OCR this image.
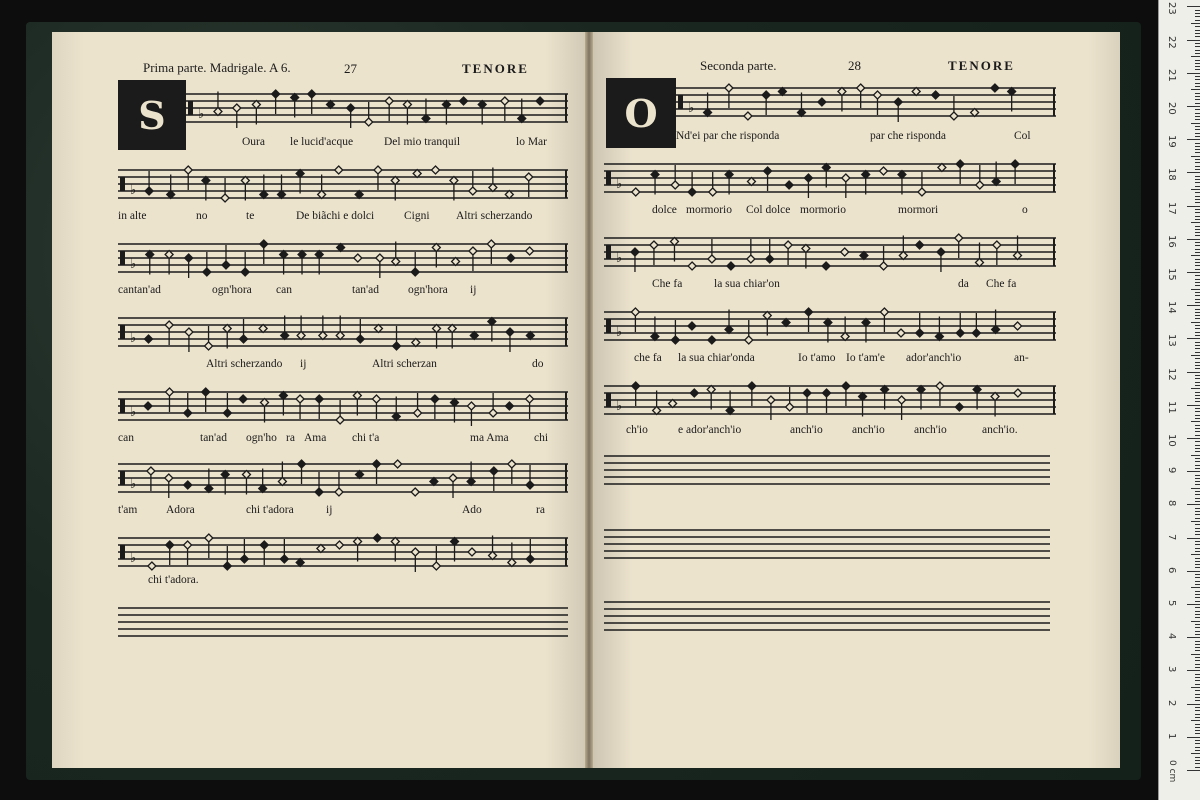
Prima parte. Madrigale. A 6.	27	TENORE
S
Seconda parte.	28	TENORE
O
♭
♭
♭
♭
♭
♭
♭
♭
♭
♭
♭
♭
Oura le lucid'acque	Del mio tranquil	lo Mar
in alte	no	te	De biãchi e dolci	Cigni Altri scherzando
cantan'ad	ogn'hora can	tan'ad	ogn'hora ij
Altri scherzando ij	Altri scherzan	do
can	tan'ad ogn'ho ra Ama chi t'a	ma Ama chi
t'am Adora	chi t'adora	ij	Ado	ra
chi t'adora.
Nd'ei par che risponda	par che risponda	Col
dolce mormorio Col dolce mormorio	mormori	o
Che fa	la sua chiar'on	da Che fa
che fa la sua chiar'onda	Io t'amo Io t'am'e ador'anch'io	an-
ch'io	e ador'anch'io	anch'io	anch'io	anch'io	anch'io.
1
2
3
4
5
6
7
8
9
10
11
12
13
14
15
16
17
18
19
20
21
22
23
0 cm
